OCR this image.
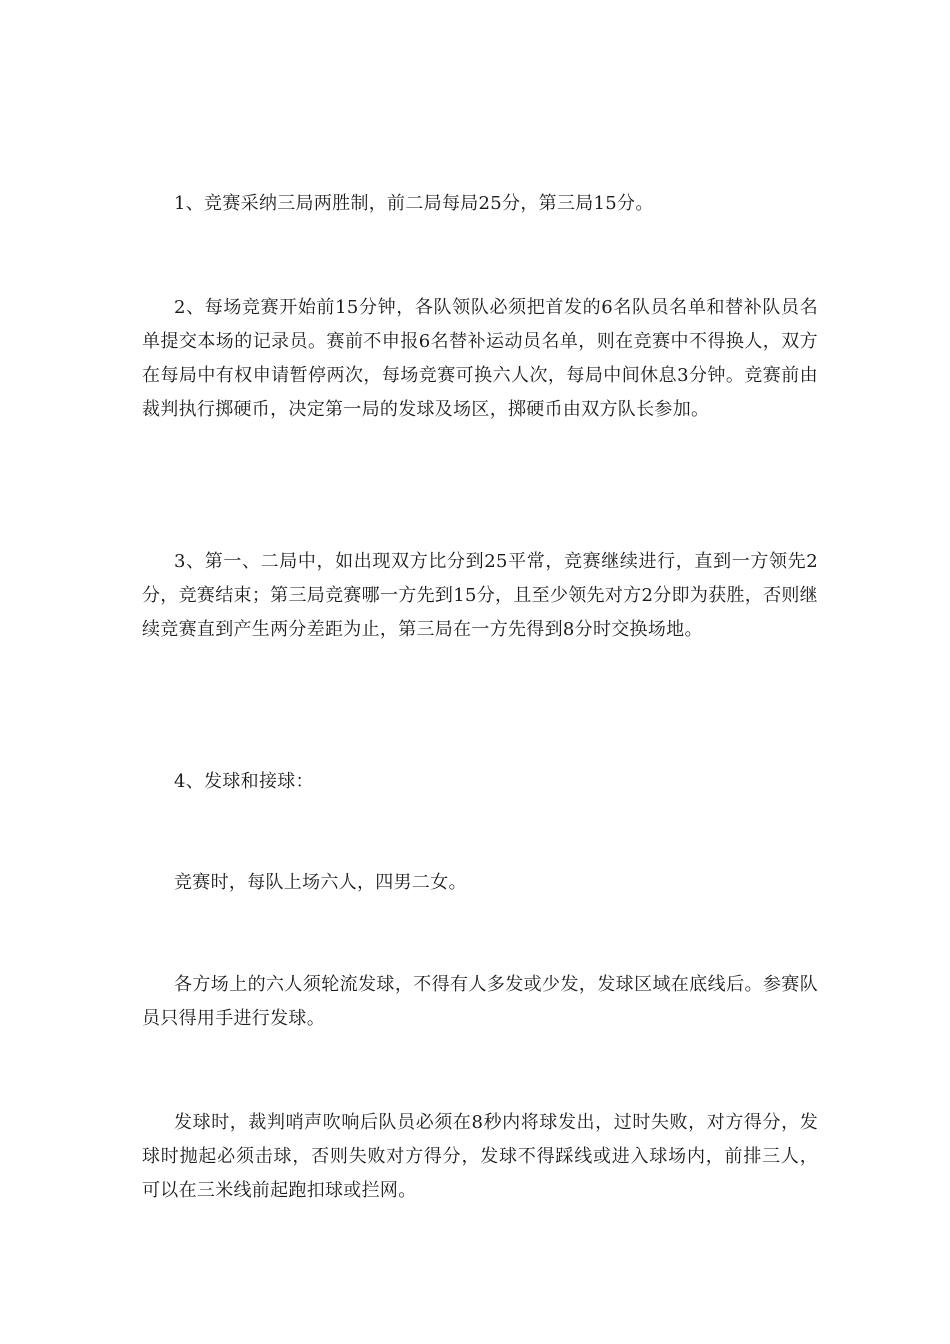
1、竞赛采纳三局两胜制，前二局每局25分，第三局15分。

2、每场竞赛开始前15分钟，各队领队必须把首发的6名队员名单和替补队员名单提交本场的记录员。赛前不申报6名替补运动员名单，则在竞赛中不得换人，双方在每局中有权申请暂停两次，每场竞赛可换六人次，每局中间休息3分钟。竞赛前由裁判执行掷硬币，决定第一局的发球及场区，掷硬币由双方队长参加。

3、第一、二局中，如出现双方比分到25平常，竞赛继续进行，直到一方领先2分，竞赛结束；第三局竞赛哪一方先到15分，且至少领先对方2分即为获胜，否则继续竞赛直到产生两分差距为止，第三局在一方先得到8分时交换场地。

4、发球和接球：

竞赛时，每队上场六人，四男二女。

各方场上的六人须轮流发球，不得有人多发或少发，发球区域在底线后。参赛队员只得用手进行发球。

发球时，裁判哨声吹响后队员必须在8秒内将球发出，过时失败，对方得分，发球时抛起必须击球，否则失败对方得分，发球不得踩线或进入球场内，前排三人，可以在三米线前起跑扣球或拦网。
